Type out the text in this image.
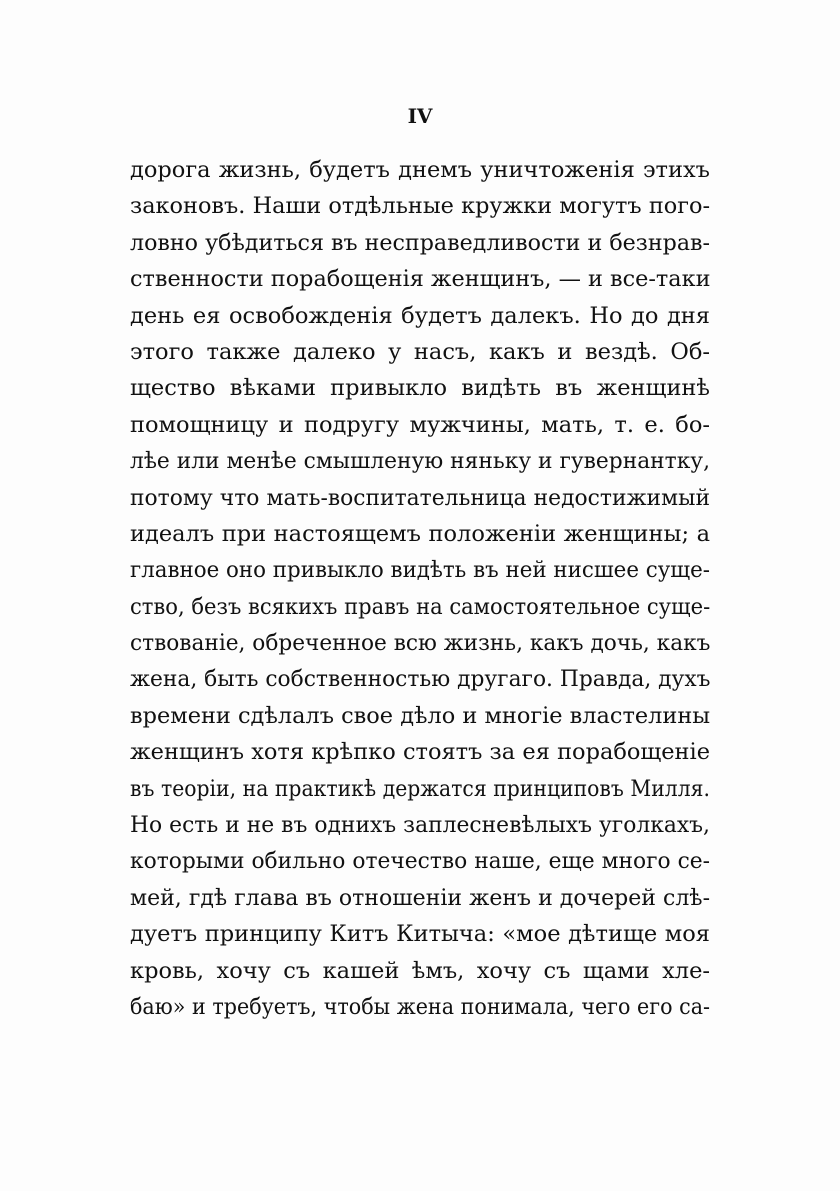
IV
дорога жизнь, будетъ днемъ уничтоженія этихъ
законовъ. Наши отдѣльные кружки могутъ пого-
ловно убѣдиться въ несправедливости и безнрав-
ственности порабощенія женщинъ, — и все-таки
день ея освобожденія будетъ далекъ. Но до дня
этого также далеко у насъ, какъ и вездѣ. Об-
щество вѣками привыкло видѣть въ женщинѣ
помощницу и подругу мужчины, мать, т. е. бо-
лѣе или менѣе смышленую няньку и гувернантку,
потому что мать-воспитательница недостижимый
идеалъ при настоящемъ положеніи женщины; а
главное оно привыкло видѣть въ ней нисшее суще-
ство, безъ всякихъ правъ на самостоятельное суще-
ствованіе, обреченное всю жизнь, какъ дочь, какъ
жена, быть собственностью другаго. Правда, духъ
времени сдѣлалъ свое дѣло и многіе властелины
женщинъ хотя крѣпко стоятъ за ея порабощеніе
въ теоріи, на практикѣ держатся принциповъ Милля.
Но есть и не въ однихъ заплесневѣлыхъ уголкахъ,
которыми обильно отечество наше, еще много се-
мей, гдѣ глава въ отношеніи женъ и дочерей слѣ-
дуетъ принципу Китъ Китыча: «мое дѣтище моя
кровь, хочу съ кашей ѣмъ, хочу съ щами хле-
баю» и требуетъ, чтобы жена понимала, чего его са-
